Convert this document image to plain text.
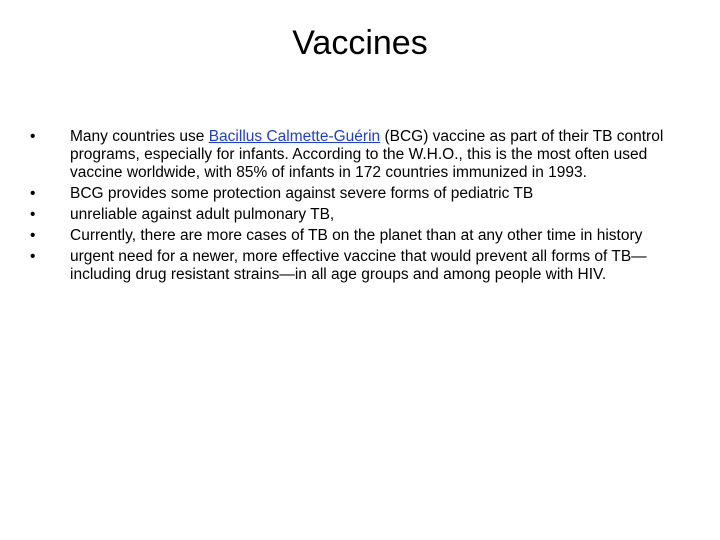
Vaccines
•	Many countries use Bacillus Calmette-Guérin (BCG) vaccine as part of their TB control programs, especially for infants. According to the W.H.O., this is the most often used vaccine worldwide, with 85% of infants in 172 countries immunized in 1993.
•	BCG provides some protection against severe forms of pediatric TB
•	unreliable against adult pulmonary TB,
•	Currently, there are more cases of TB on the planet than at any other time in history
•	urgent need for a newer, more effective vaccine that would prevent all forms of TB—including drug resistant strains—in all age groups and among people with HIV.
